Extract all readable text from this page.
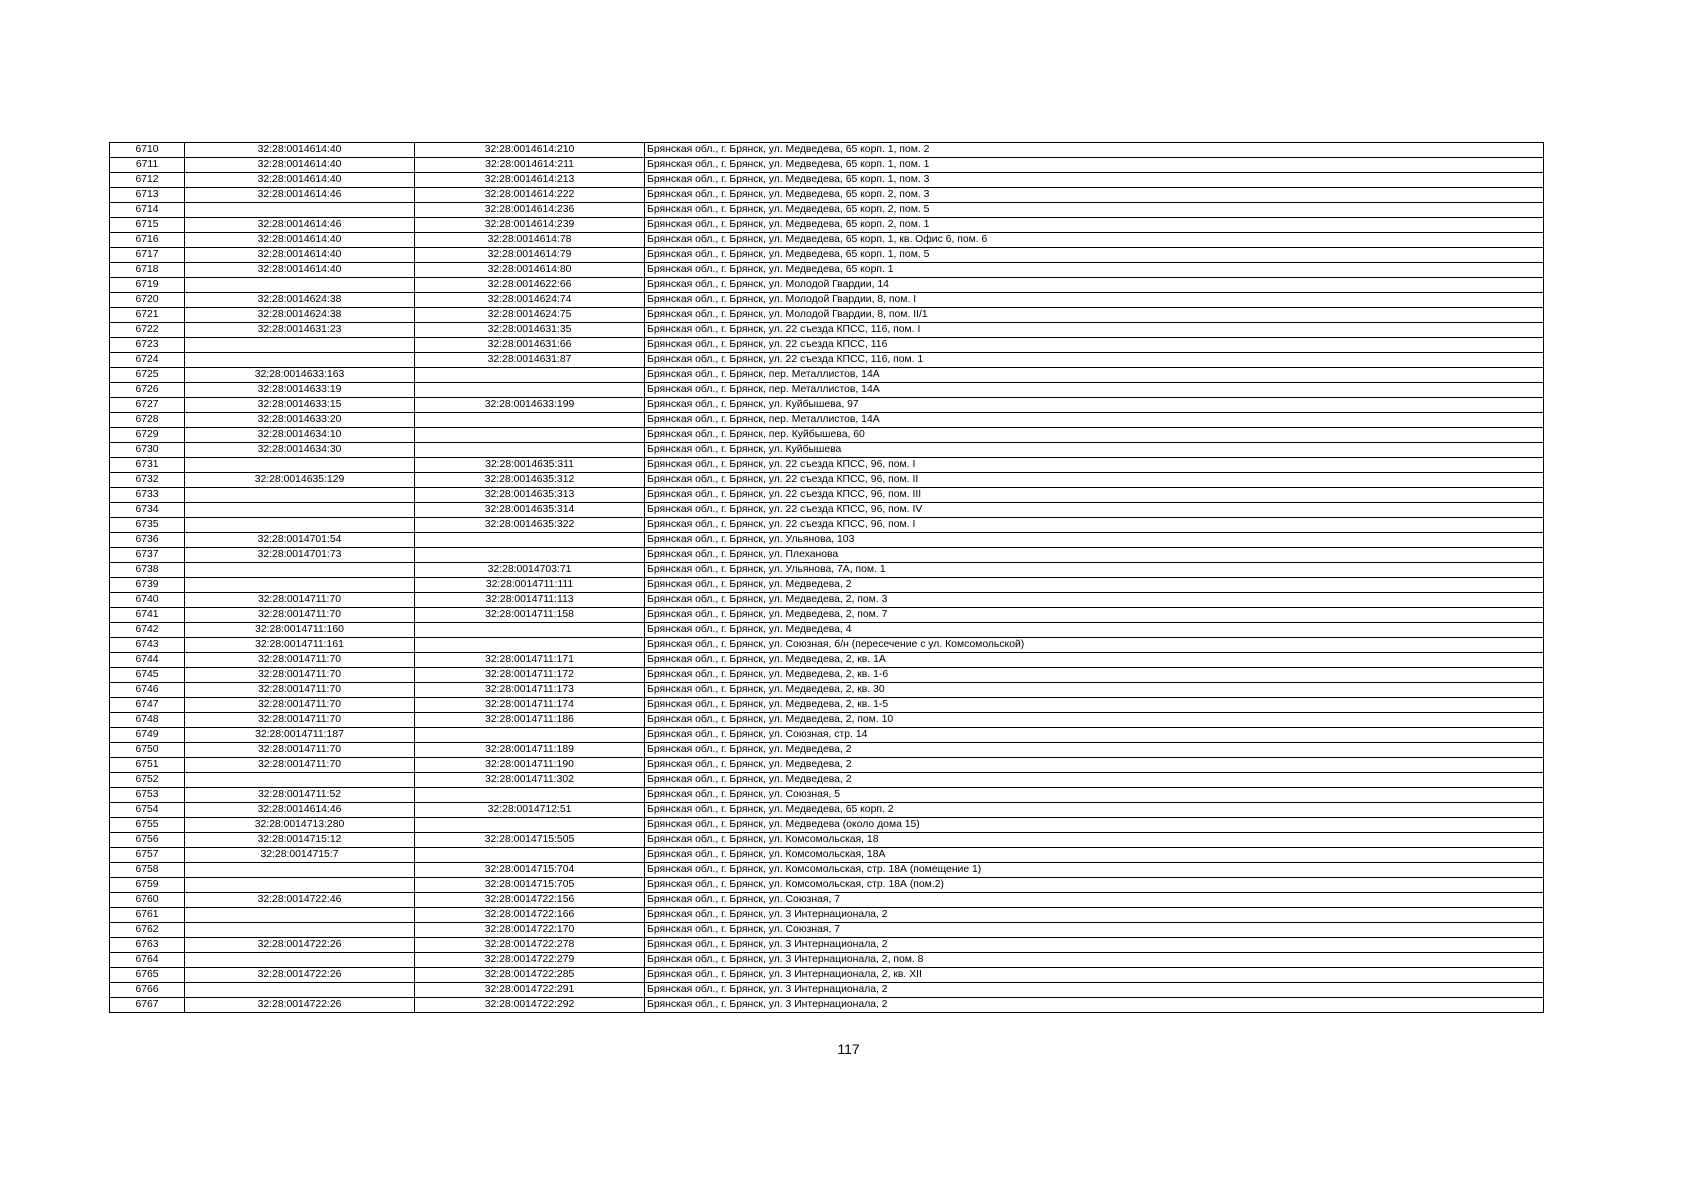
6710	32:28:0014614:40	32:28:0014614:210	Брянская обл., г. Брянск, ул. Медведева, 65 корп. 1, пом. 2
6711	32:28:0014614:40	32:28:0014614:211	Брянская обл., г. Брянск, ул. Медведева, 65 корп. 1, пом. 1
6712	32:28:0014614:40	32:28:0014614:213	Брянская обл., г. Брянск, ул. Медведева, 65 корп. 1, пом. 3
6713	32:28:0014614:46	32:28:0014614:222	Брянская обл., г. Брянск, ул. Медведева, 65 корп. 2, пом. 3
6714		32:28:0014614:236	Брянская обл., г. Брянск, ул. Медведева, 65 корп. 2, пом. 5
6715	32:28:0014614:46	32:28:0014614:239	Брянская обл., г. Брянск, ул. Медведева, 65 корп. 2, пом. 1
6716	32:28:0014614:40	32:28:0014614:78	Брянская обл., г. Брянск, ул. Медведева, 65 корп. 1, кв. Офис 6, пом. 6
6717	32:28:0014614:40	32:28:0014614:79	Брянская обл., г. Брянск, ул. Медведева, 65 корп. 1, пом. 5
6718	32:28:0014614:40	32:28:0014614:80	Брянская обл., г. Брянск, ул. Медведева, 65 корп. 1
6719		32:28:0014622:66	Брянская обл., г. Брянск, ул. Молодой Гвардии, 14
6720	32:28:0014624:38	32:28:0014624:74	Брянская обл., г. Брянск, ул. Молодой Гвардии, 8, пом. I
6721	32:28:0014624:38	32:28:0014624:75	Брянская обл., г. Брянск, ул. Молодой Гвардии, 8, пом. II/1
6722	32:28:0014631:23	32:28:0014631:35	Брянская обл., г. Брянск, ул. 22 съезда КПСС, 116, пом. I
6723		32:28:0014631:66	Брянская обл., г. Брянск, ул. 22 съезда КПСС, 116
6724		32:28:0014631:87	Брянская обл., г. Брянск, ул. 22 съезда КПСС, 116, пом. 1
6725	32:28:0014633:163		Брянская обл., г. Брянск, пер. Металлистов, 14А
6726	32:28:0014633:19		Брянская обл., г. Брянск, пер. Металлистов, 14А
6727	32:28:0014633:15	32:28:0014633:199	Брянская обл., г. Брянск, ул. Куйбышева, 97
6728	32:28:0014633:20		Брянская обл., г. Брянск, пер. Металлистов, 14А
6729	32:28:0014634:10		Брянская обл., г. Брянск, пер. Куйбышева, 60
6730	32:28:0014634:30		Брянская обл., г. Брянск, ул. Куйбышева
6731		32:28:0014635:311	Брянская обл., г. Брянск, ул. 22 съезда КПСС, 96, пом. I
6732	32:28:0014635:129	32:28:0014635:312	Брянская обл., г. Брянск, ул. 22 съезда КПСС, 96, пом. II
6733		32:28:0014635:313	Брянская обл., г. Брянск, ул. 22 съезда КПСС, 96, пом. III
6734		32:28:0014635:314	Брянская обл., г. Брянск, ул. 22 съезда КПСС, 96, пом. IV
6735		32:28:0014635:322	Брянская обл., г. Брянск, ул. 22 съезда КПСС, 96, пом. I
6736	32:28:0014701:54		Брянская обл., г. Брянск, ул. Ульянова, 103
6737	32:28:0014701:73		Брянская обл., г. Брянск, ул. Плеханова
6738		32:28:0014703:71	Брянская обл., г. Брянск, ул. Ульянова, 7А, пом. 1
6739		32:28:0014711:111	Брянская обл., г. Брянск, ул. Медведева, 2
6740	32:28:0014711:70	32:28:0014711:113	Брянская обл., г. Брянск, ул. Медведева, 2, пом. 3
6741	32:28:0014711:70	32:28:0014711:158	Брянская обл., г. Брянск, ул. Медведева, 2, пом. 7
6742	32:28:0014711:160		Брянская обл., г. Брянск, ул. Медведева, 4
6743	32:28:0014711:161		Брянская обл., г. Брянск, ул. Союзная, б/н (пересечение с ул. Комсомольской)
6744	32:28:0014711:70	32:28:0014711:171	Брянская обл., г. Брянск, ул. Медведева, 2, кв. 1А
6745	32:28:0014711:70	32:28:0014711:172	Брянская обл., г. Брянск, ул. Медведева, 2, кв. 1-6
6746	32:28:0014711:70	32:28:0014711:173	Брянская обл., г. Брянск, ул. Медведева, 2, кв. 30
6747	32:28:0014711:70	32:28:0014711:174	Брянская обл., г. Брянск, ул. Медведева, 2, кв. 1-5
6748	32:28:0014711:70	32:28:0014711:186	Брянская обл., г. Брянск, ул. Медведева, 2, пом. 10
6749	32:28:0014711:187		Брянская обл., г. Брянск, ул. Союзная, стр. 14
6750	32:28:0014711:70	32:28:0014711:189	Брянская обл., г. Брянск, ул. Медведева, 2
6751	32:28:0014711:70	32:28:0014711:190	Брянская обл., г. Брянск, ул. Медведева, 2
6752		32:28:0014711:302	Брянская обл., г. Брянск, ул. Медведева, 2
6753	32:28:0014711:52		Брянская обл., г. Брянск, ул. Союзная, 5
6754	32:28:0014614:46	32:28:0014712:51	Брянская обл., г. Брянск, ул. Медведева, 65 корп. 2
6755	32:28:0014713:280		Брянская обл., г. Брянск, ул. Медведева (около дома 15)
6756	32:28:0014715:12	32:28:0014715:505	Брянская обл., г. Брянск, ул. Комсомольская, 18
6757	32:28:0014715:7		Брянская обл., г. Брянск, ул. Комсомольская, 18А
6758		32:28:0014715:704	Брянская обл., г. Брянск, ул. Комсомольская, стр. 18А (помещение 1)
6759		32:28:0014715:705	Брянская обл., г. Брянск, ул. Комсомольская, стр. 18А (пом.2)
6760	32:28:0014722:46	32:28:0014722:156	Брянская обл., г. Брянск, ул. Союзная, 7
6761		32:28:0014722:166	Брянская обл., г. Брянск, ул. 3 Интернационала, 2
6762		32:28:0014722:170	Брянская обл., г. Брянск, ул. Союзная, 7
6763	32:28:0014722:26	32:28:0014722:278	Брянская обл., г. Брянск, ул. 3 Интернационала, 2
6764		32:28:0014722:279	Брянская обл., г. Брянск, ул. 3 Интернационала, 2, пом. 8
6765	32:28:0014722:26	32:28:0014722:285	Брянская обл., г. Брянск, ул. 3 Интернационала, 2, кв. XII
6766		32:28:0014722:291	Брянская обл., г. Брянск, ул. 3 Интернационала, 2
6767	32:28:0014722:26	32:28:0014722:292	Брянская обл., г. Брянск, ул. 3 Интернационала, 2
117
